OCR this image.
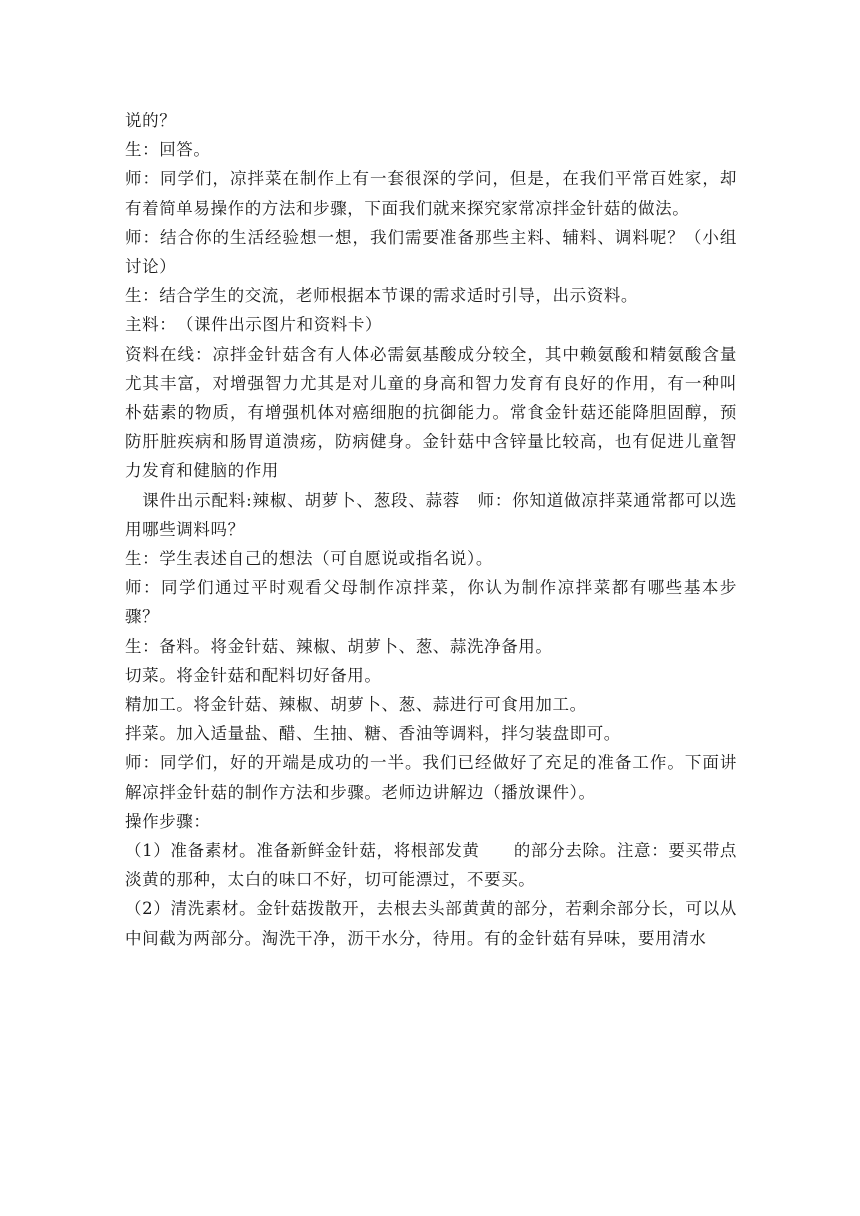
说的？

生：回答。

师：同学们，凉拌菜在制作上有一套很深的学问，但是，在我们平常百姓家，却有着简单易操作的方法和步骤，下面我们就来探究家常凉拌金针菇的做法。

师：结合你的生活经验想一想，我们需要准备那些主料、辅料、调料呢？（小组讨论）

生：结合学生的交流，老师根据本节课的需求适时引导，出示资料。

主料：　（课件出示图片和资料卡）

资料在线：凉拌金针菇含有人体必需氨基酸成分较全，其中赖氨酸和精氨酸含量尤其丰富，对增强智力尤其是对儿童的身高和智力发育有良好的作用，有一种叫朴菇素的物质，有增强机体对癌细胞的抗御能力。常食金针菇还能降胆固醇，预防肝脏疾病和肠胃道溃疡，防病健身。金针菇中含锌量比较高，也有促进儿童智力发育和健脑的作用

　课件出示配料:辣椒、胡萝卜、葱段、蒜蓉　师：你知道做凉拌菜通常都可以选用哪些调料吗？

生：学生表述自己的想法（可自愿说或指名说）。

师：同学们通过平时观看父母制作凉拌菜，你认为制作凉拌菜都有哪些基本步骤？

生：备料。将金针菇、辣椒、胡萝卜、葱、蒜洗净备用。

切菜。将金针菇和配料切好备用。

精加工。将金针菇、辣椒、胡萝卜、葱、蒜进行可食用加工。

拌菜。加入适量盐、醋、生抽、糖、香油等调料，拌匀装盘即可。

师：同学们，好的开端是成功的一半。我们已经做好了充足的准备工作。下面讲解凉拌金针菇的制作方法和步骤。老师边讲解边（播放课件）。

操作步骤：

（1）准备素材。准备新鲜金针菇，将根部发黄　　的部分去除。注意：要买带点淡黄的那种，太白的味口不好，切可能漂过，不要买。

（2）清洗素材。金针菇拨散开，去根去头部黄黄的部分，若剩余部分长，可以从中间截为两部分。淘洗干净，沥干水分，待用。有的金针菇有异味，要用清水
